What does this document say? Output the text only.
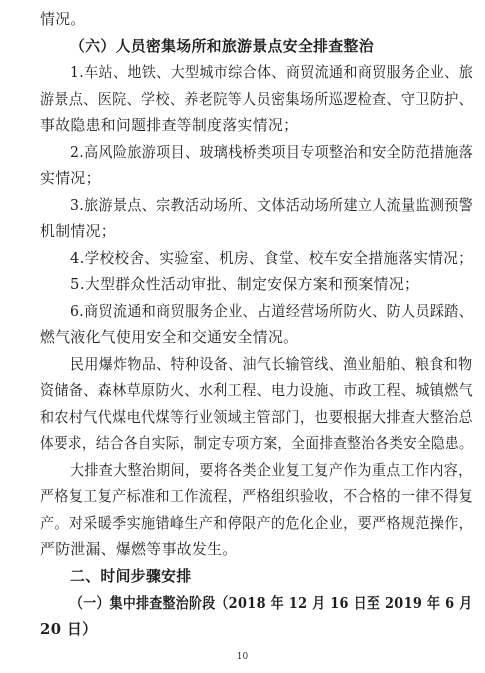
情况。
（六）人员密集场所和旅游景点安全排查整治
1.车站、地铁、大型城市综合体、商贸流通和商贸服务企业、旅
游景点、医院、学校、养老院等人员密集场所巡逻检查、守卫防护、
事故隐患和问题排查等制度落实情况；
2.高风险旅游项目、玻璃栈桥类项目专项整治和安全防范措施落
实情况；
3.旅游景点、宗教活动场所、文体活动场所建立人流量监测预警
机制情况；
4.学校校舍、实验室、机房、食堂、校车安全措施落实情况；
5.大型群众性活动审批、制定安保方案和预案情况；
6.商贸流通和商贸服务企业、占道经营场所防火、防人员踩踏、
燃气液化气使用安全和交通安全情况。
民用爆炸物品、特种设备、油气长输管线、渔业船舶、粮食和物
资储备、森林草原防火、水利工程、电力设施、市政工程、城镇燃气
和农村气代煤电代煤等行业领域主管部门，也要根据大排查大整治总
体要求，结合各自实际，制定专项方案，全面排查整治各类安全隐患。
大排查大整治期间，要将各类企业复工复产作为重点工作内容，
严格复工复产标准和工作流程，严格组织验收，不合格的一律不得复
产。对采暖季实施错峰生产和停限产的危化企业，要严格规范操作，
严防泄漏、爆燃等事故发生。
二、时间步骤安排
（一）集中排查整治阶段（2018 年 12 月 16 日至 2019 年 6 月
20 日）
10
